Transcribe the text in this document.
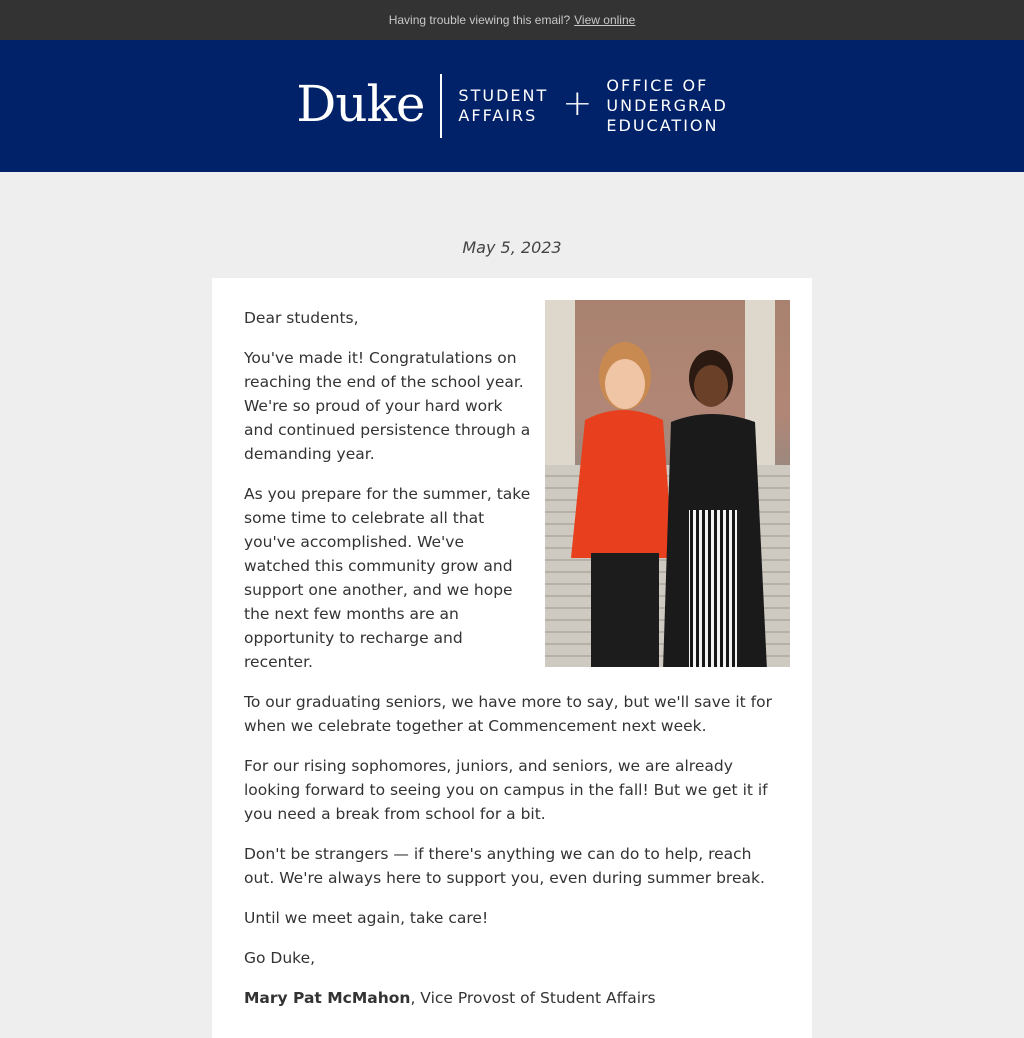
Having trouble viewing this email? View online
Duke	STUDENT
AFFAIRS + OFFICE OF
UNDERGRAD
EDUCATION
May 5, 2023

Dear students,

You've made it! Congratulations on reaching the end of the school year. We're so proud of your hard work and continued persistence through a demanding year.

As you prepare for the summer, take some time to celebrate all that you've accomplished. We've watched this community grow and support one another, and we hope the next few months are an opportunity to recharge and recenter.

To our graduating seniors, we have more to say, but we'll save it for when we celebrate together at Commencement next week.

For our rising sophomores, juniors, and seniors, we are already looking forward to seeing you on campus in the fall! But we get it if you need a break from school for a bit.

Don't be strangers — if there's anything we can do to help, reach out. We're always here to support you, even during summer break.

Until we meet again, take care!

Go Duke,

Mary Pat McMahon, Vice Provost of Student Affairs
